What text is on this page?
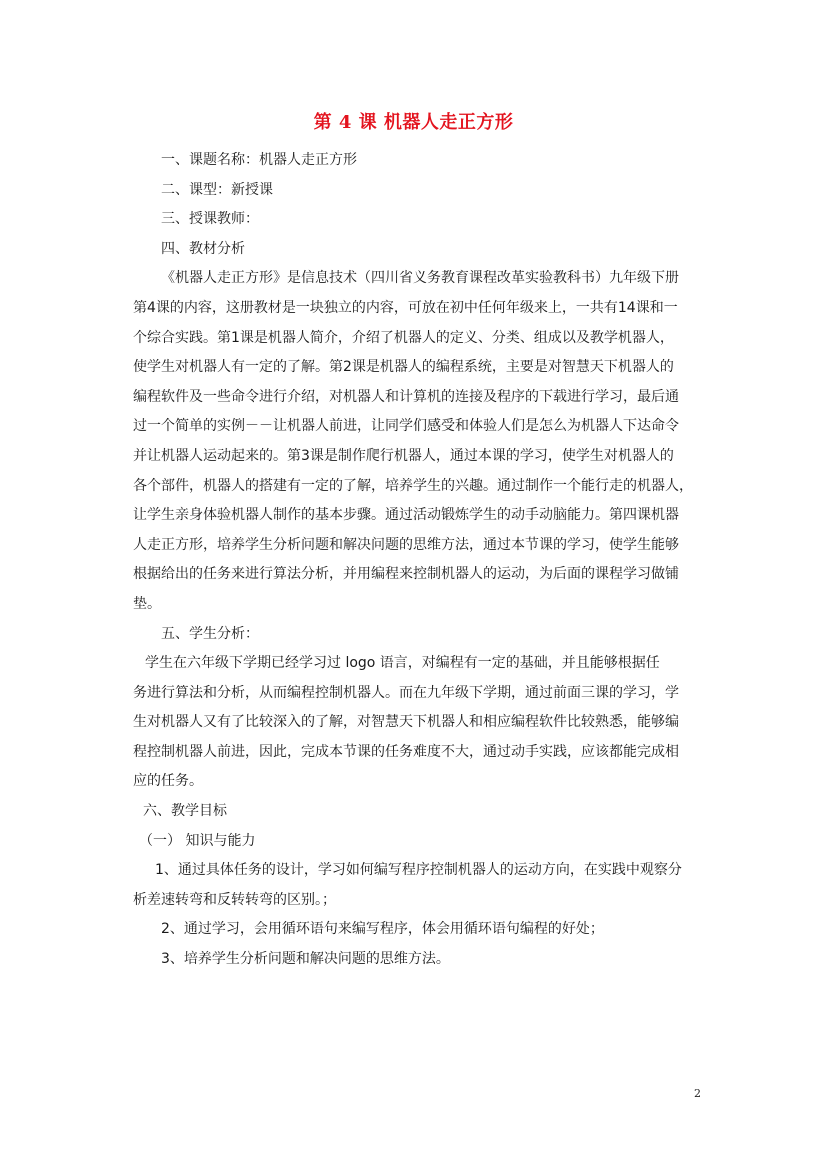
第 4 课 机器人走正方形
一、课题名称：机器人走正方形
二、课型：新授课
三、授课教师：
四、教材分析
《机器人走正方形》是信息技术（四川省义务教育课程改革实验教科书）九年级下册
第4课的内容，这册教材是一块独立的内容，可放在初中任何年级来上，一共有14课和一
个综合实践。第1课是机器人简介，介绍了机器人的定义、分类、组成以及教学机器人，
使学生对机器人有一定的了解。第2课是机器人的编程系统，主要是对智慧天下机器人的
编程软件及一些命令进行介绍，对机器人和计算机的连接及程序的下载进行学习，最后通
过一个简单的实例－－让机器人前进，让同学们感受和体验人们是怎么为机器人下达命令
并让机器人运动起来的。第3课是制作爬行机器人，通过本课的学习，使学生对机器人的
各个部件，机器人的搭建有一定的了解，培养学生的兴趣。通过制作一个能行走的机器人，
让学生亲身体验机器人制作的基本步骤。通过活动锻炼学生的动手动脑能力。第四课机器
人走正方形，培养学生分析问题和解决问题的思维方法，通过本节课的学习，使学生能够
根据给出的任务来进行算法分析，并用编程来控制机器人的运动，为后面的课程学习做铺
垫。
五、学生分析：
学生在六年级下学期已经学习过 logo 语言，对编程有一定的基础，并且能够根据任
务进行算法和分析，从而编程控制机器人。而在九年级下学期，通过前面三课的学习，学
生对机器人又有了比较深入的了解，对智慧天下机器人和相应编程软件比较熟悉，能够编
程控制机器人前进，因此，完成本节课的任务难度不大，通过动手实践，应该都能完成相
应的任务。
六、教学目标
（一） 知识与能力
1、通过具体任务的设计，学习如何编写程序控制机器人的运动方向，在实践中观察分
析差速转弯和反转转弯的区别。；
2、通过学习，会用循环语句来编写程序，体会用循环语句编程的好处；
3、培养学生分析问题和解决问题的思维方法。
2
